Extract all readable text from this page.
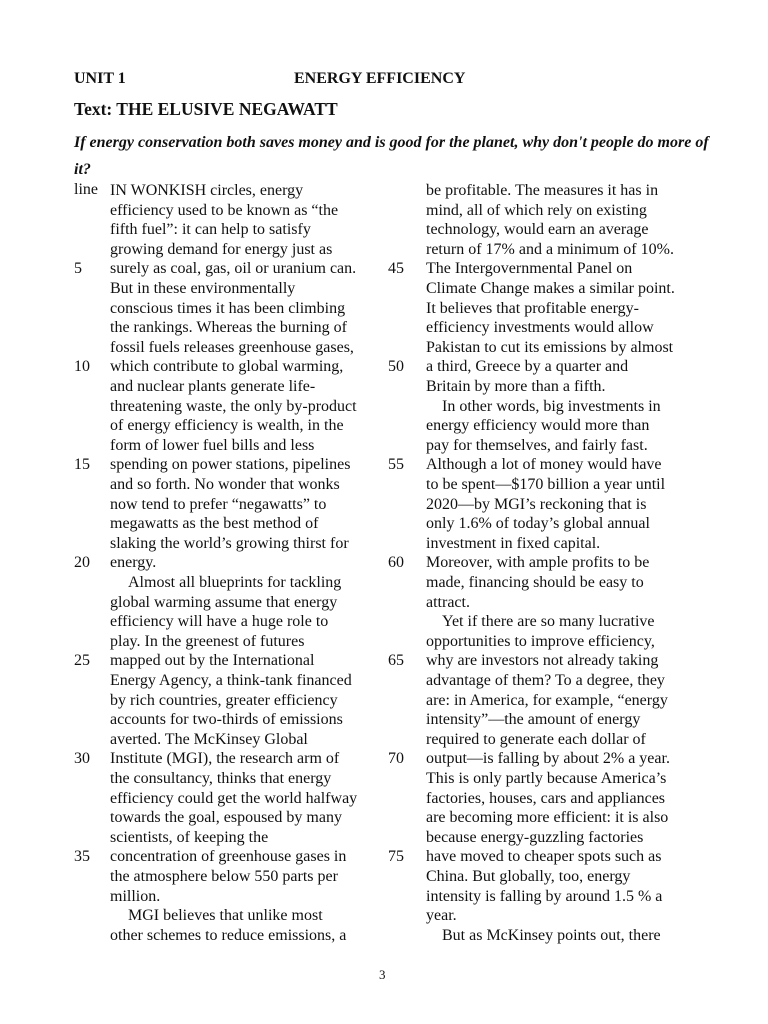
UNIT 1	ENERGY EFFICIENCY
Text: THE ELUSIVE NEGAWATT
If energy conservation both saves money and is good for the planet, why don't people do more of it?
line IN WONKISH circles, energy
efficiency used to be known as “the
fifth fuel”: it can help to satisfy
growing demand for energy just as
surely as coal, gas, oil or uranium can.
But in these environmentally
conscious times it has been climbing
the rankings. Whereas the burning of
fossil fuels releases greenhouse gases,
which contribute to global warming,
and nuclear plants generate life-
threatening waste, the only by-product
of energy efficiency is wealth, in the
form of lower fuel bills and less
spending on power stations, pipelines
and so forth. No wonder that wonks
now tend to prefer “negawatts” to
megawatts as the best method of
slaking the world’s growing thirst for
energy.
Almost all blueprints for tackling
global warming assume that energy
efficiency will have a huge role to
play. In the greenest of futures
mapped out by the International
Energy Agency, a think-tank financed
by rich countries, greater efficiency
accounts for two-thirds of emissions
averted. The McKinsey Global
Institute (MGI), the research arm of
the consultancy, thinks that energy
efficiency could get the world halfway
towards the goal, espoused by many
scientists, of keeping the
concentration of greenhouse gases in
the atmosphere below 550 parts per
million.
MGI believes that unlike most
other schemes to reduce emissions, a
be profitable. The measures it has in
mind, all of which rely on existing
technology, would earn an average
return of 17% and a minimum of 10%.
The Intergovernmental Panel on
Climate Change makes a similar point.
It believes that profitable energy-
efficiency investments would allow
Pakistan to cut its emissions by almost
a third, Greece by a quarter and
Britain by more than a fifth.
In other words, big investments in
energy efficiency would more than
pay for themselves, and fairly fast.
Although a lot of money would have
to be spent—$170 billion a year until
2020—by MGI’s reckoning that is
only 1.6% of today’s global annual
investment in fixed capital.
Moreover, with ample profits to be
made, financing should be easy to
attract.
Yet if there are so many lucrative
opportunities to improve efficiency,
why are investors not already taking
advantage of them? To a degree, they
are: in America, for example, “energy
intensity”—the amount of energy
required to generate each dollar of
output—is falling by about 2% a year.
This is only partly because America’s
factories, houses, cars and appliances
are becoming more efficient: it is also
because energy-guzzling factories
have moved to cheaper spots such as
China. But globally, too, energy
intensity is falling by around 1.5 % a
year.
But as McKinsey points out, there
5
10
15
20
25
30
35
45
50
55
60
65
70
75
3
